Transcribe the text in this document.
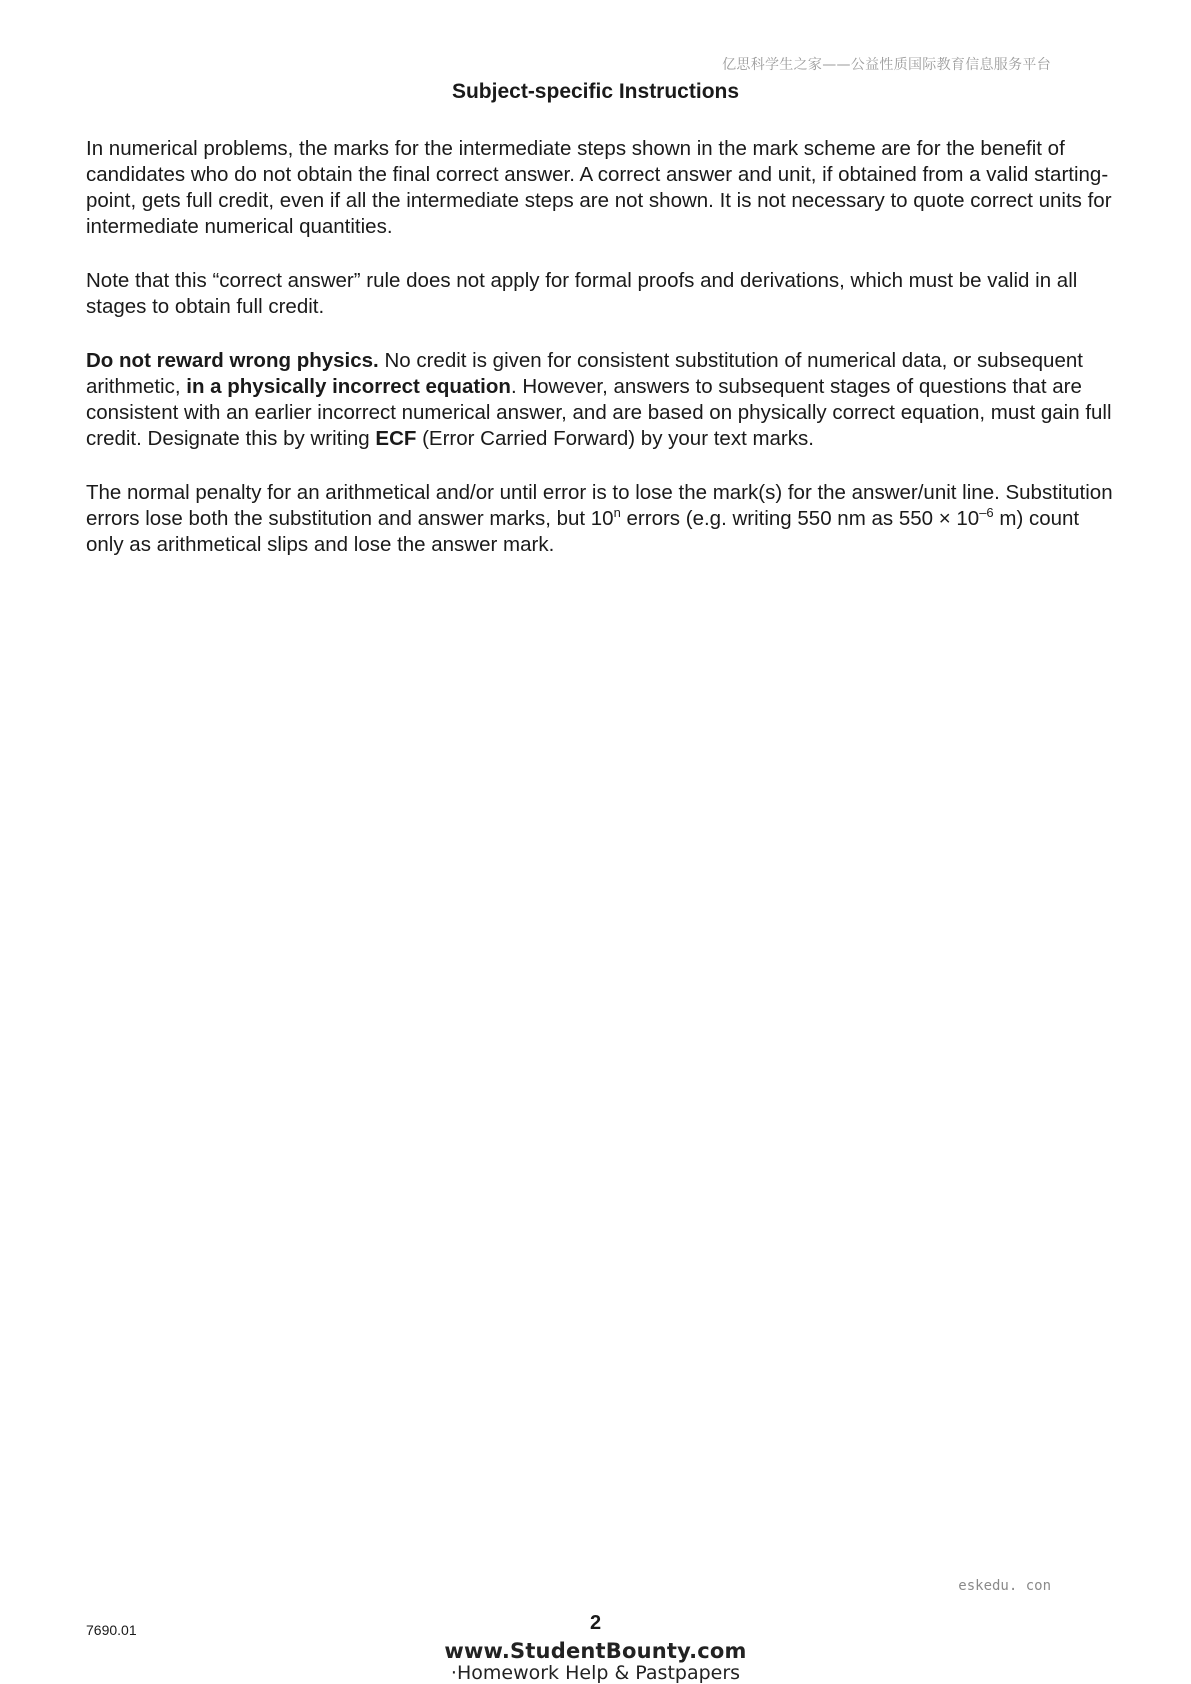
亿思科学生之家——公益性质国际教育信息服务平台
Subject-specific Instructions

In numerical problems, the marks for the intermediate steps shown in the mark scheme are for the benefit of candidates who do not obtain the final correct answer. A correct answer and unit, if obtained from a valid starting-point, gets full credit, even if all the intermediate steps are not shown. It is not necessary to quote correct units for intermediate numerical quantities.

Note that this “correct answer” rule does not apply for formal proofs and derivations, which must be valid in all stages to obtain full credit.

Do not reward wrong physics. No credit is given for consistent substitution of numerical data, or subsequent arithmetic, in a physically incorrect equation. However, answers to subsequent stages of questions that are consistent with an earlier incorrect numerical answer, and are based on physically correct equation, must gain full credit. Designate this by writing ECF (Error Carried Forward) by your text marks.

The normal penalty for an arithmetical and/or until error is to lose the mark(s) for the answer/unit line. Substitution errors lose both the substitution and answer marks, but 10$^n$ errors (e.g. writing 550 nm as $550 \times 10^{-6}$ m) count only as arithmetical slips and lose the answer mark.

eskedu. con
7690.01	2
www.StudentBounty.com
·Homework Help & Pastpapers
